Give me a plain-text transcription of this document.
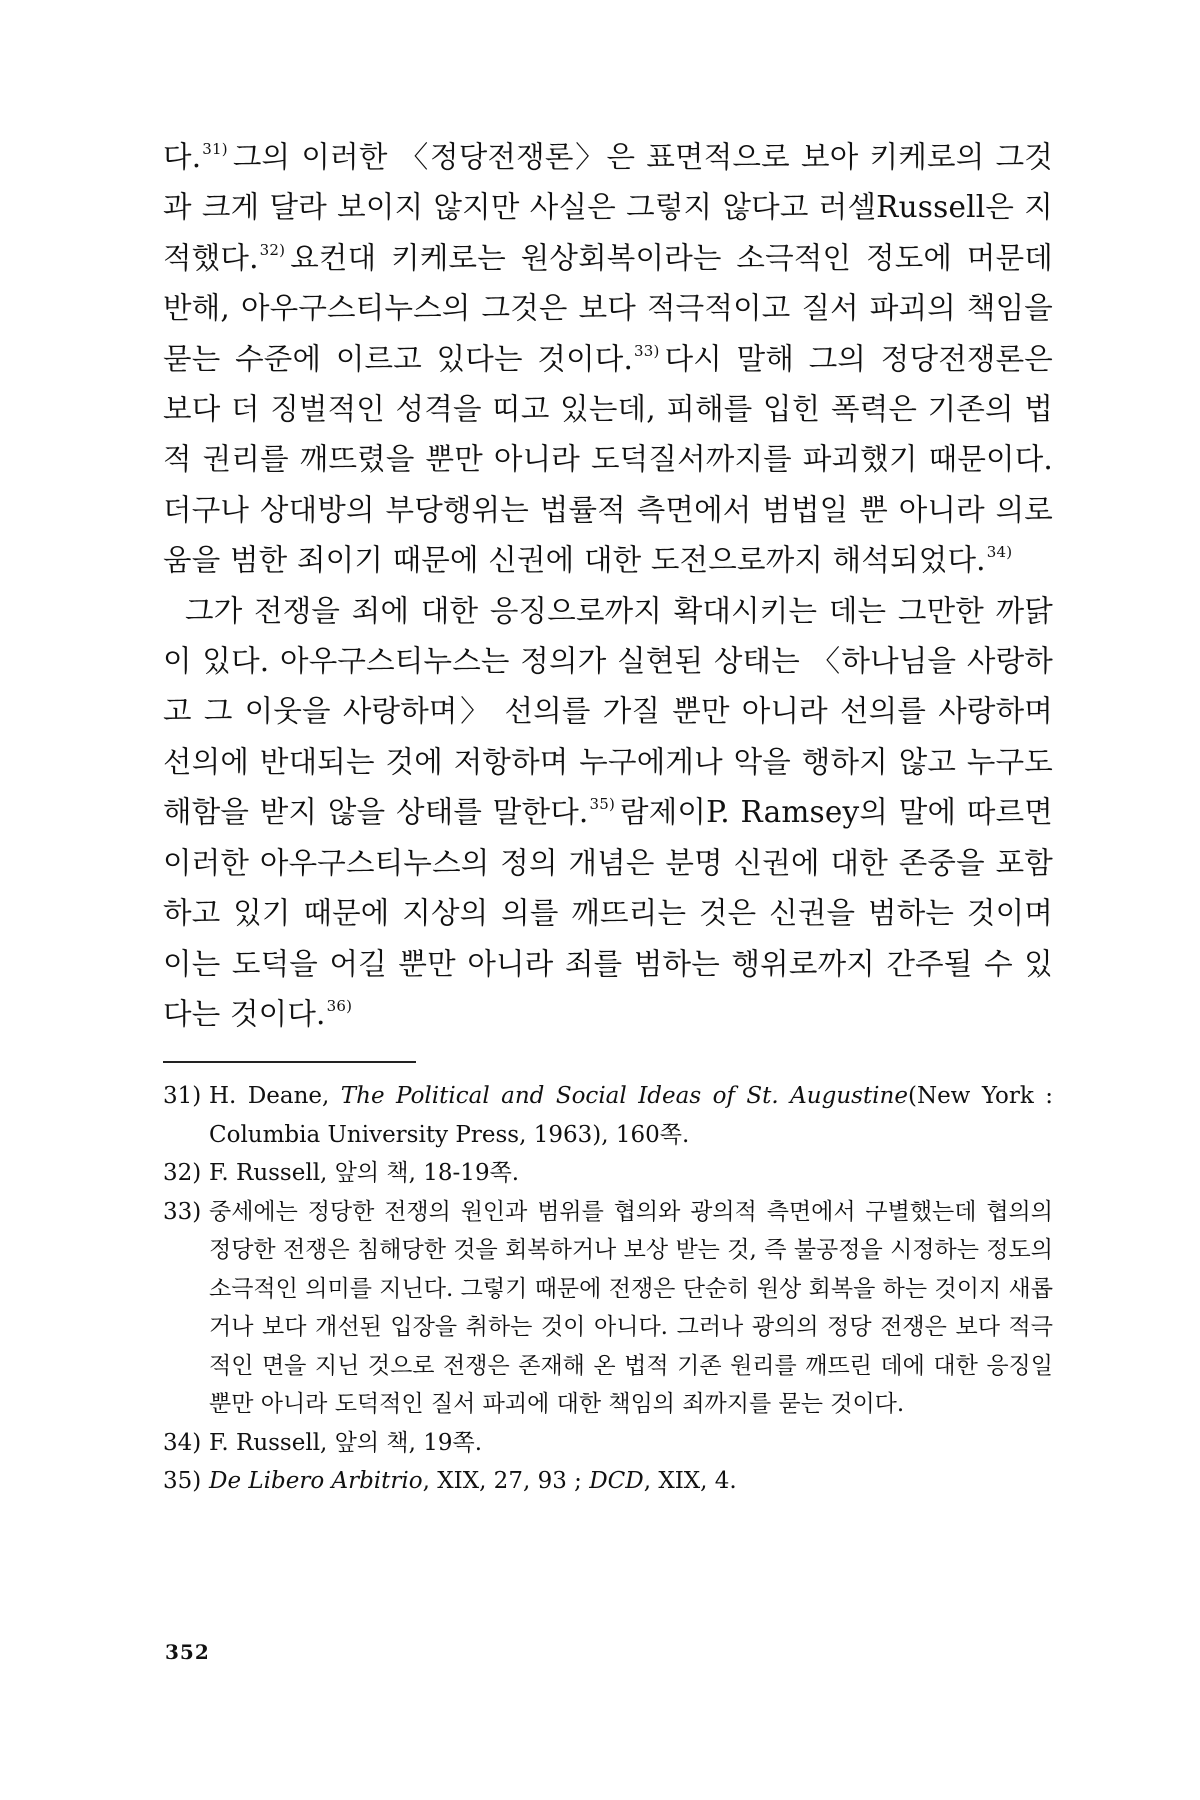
다.$^{31)}$ 그의 이러한 〈정당전쟁론〉은 표면적으로 보아 키케로의 그것과 크게 달라 보이지 않지만 사실은 그렇지 않다고 러셀Russell은 지적했다.$^{32)}$ 요컨대 키케로는 원상회복이라는 소극적인 정도에 머문데 반해, 아우구스티누스의 그것은 보다 적극적이고 질서 파괴의 책임을 묻는 수준에 이르고 있다는 것이다.$^{33)}$ 다시 말해 그의 정당전쟁론은 보다 더 징벌적인 성격을 띠고 있는데, 피해를 입힌 폭력은 기존의 법적 권리를 깨뜨렸을 뿐만 아니라 도덕질서까지를 파괴했기 때문이다. 더구나 상대방의 부당행위는 법률적 측면에서 범법일 뿐 아니라 의로움을 범한 죄이기 때문에 신권에 대한 도전으로까지 해석되었다.$^{34)}$

그가 전쟁을 죄에 대한 응징으로까지 확대시키는 데는 그만한 까닭이 있다. 아우구스티누스는 정의가 실현된 상태는 〈하나님을 사랑하고 그 이웃을 사랑하며〉 선의를 가질 뿐만 아니라 선의를 사랑하며 선의에 반대되는 것에 저항하며 누구에게나 악을 행하지 않고 누구도 해함을 받지 않을 상태를 말한다.$^{35)}$ 람제이P. Ramsey의 말에 따르면 이러한 아우구스티누스의 정의 개념은 분명 신권에 대한 존중을 포함하고 있기 때문에 지상의 의를 깨뜨리는 것은 신권을 범하는 것이며 이는 도덕을 어길 뿐만 아니라 죄를 범하는 행위로까지 간주될 수 있다는 것이다.$^{36)}$

31) H. Deane, The Political and Social Ideas of St. Augustine(New York : Columbia University Press, 1963), 160쪽.
32) F. Russell, 앞의 책, 18-19쪽.
33) 중세에는 정당한 전쟁의 원인과 범위를 협의와 광의적 측면에서 구별했는데 협의의 정당한 전쟁은 침해당한 것을 회복하거나 보상 받는 것, 즉 불공정을 시정하는 정도의 소극적인 의미를 지닌다. 그렇기 때문에 전쟁은 단순히 원상 회복을 하는 것이지 새롭거나 보다 개선된 입장을 취하는 것이 아니다. 그러나 광의의 정당 전쟁은 보다 적극적인 면을 지닌 것으로 전쟁은 존재해 온 법적 기존 원리를 깨뜨린 데에 대한 응징일 뿐만 아니라 도덕적인 질서 파괴에 대한 책임의 죄까지를 묻는 것이다.
34) F. Russell, 앞의 책, 19쪽.
35) De Libero Arbitrio, XIX, 27, 93 ; DCD, XIX, 4.
352
